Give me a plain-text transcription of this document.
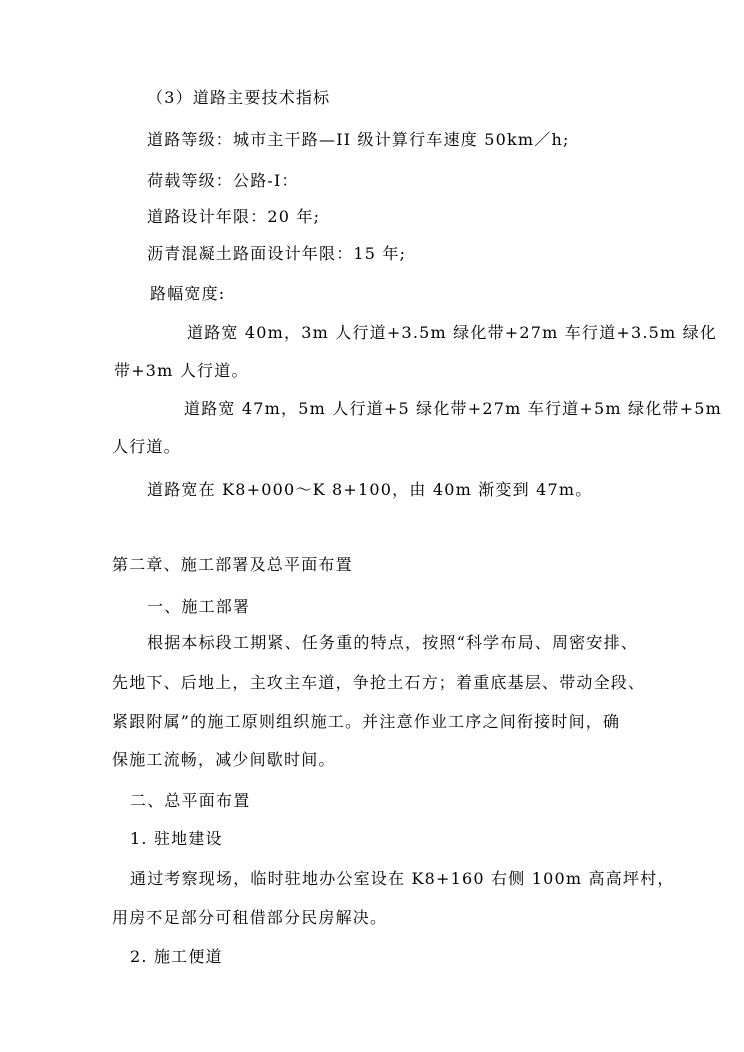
（3）道路主要技术指标
道路等级：城市主干路—II 级计算行车速度 50km／h;
荷载等级：公路-I：
道路设计年限：20 年;
沥青混凝土路面设计年限：15 年;
路幅宽度:
道路宽 40m，3m 人行道+3.5m 绿化带+27m 车行道+3.5m 绿化
带+3m 人行道。
道路宽 47m，5m 人行道+5 绿化带+27m 车行道+5m 绿化带+5m
人行道。
道路宽在 K8+000～K 8+100，由 40m 渐变到 47m。
第二章、施工部署及总平面布置
一、施工部署
根据本标段工期紧、任务重的特点，按照“科学布局、周密安排、
先地下、后地上，主攻主车道，争抢土石方；着重底基层、带动全段、
紧跟附属”的施工原则组织施工。并注意作业工序之间衔接时间，确
保施工流畅，减少间歇时间。
二、总平面布置
1. 驻地建设
通过考察现场，临时驻地办公室设在 K8+160 右侧 100m 高高坪村，
用房不足部分可租借部分民房解决。
2. 施工便道
